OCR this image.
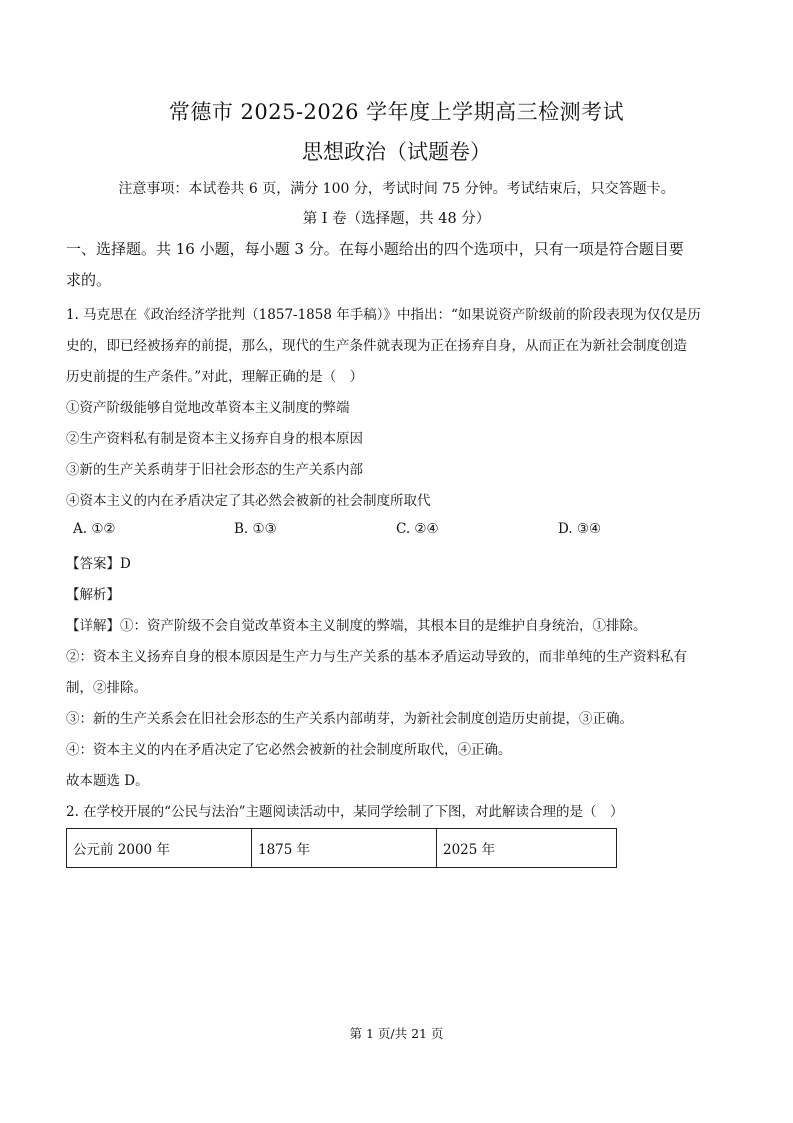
常德市 2025-2026 学年度上学期高三检测考试
思想政治（试题卷）
注意事项：本试卷共 6 页，满分 100 分，考试时间 75 分钟。考试结束后，只交答题卡。
第 I 卷（选择题，共 48 分）
一、选择题。共 16 小题，每小题 3 分。在每小题给出的四个选项中，只有一项是符合题目要
求的。
1. 马克思在《政治经济学批判（1857-1858 年手稿）》中指出：“如果说资产阶级前的阶段表现为仅仅是历
史的，即已经被扬弃的前提，那么，现代的生产条件就表现为正在扬弃自身，从而正在为新社会制度创造
历史前提的生产条件。”对此，理解正确的是（　）
①资产阶级能够自觉地改革资本主义制度的弊端
②生产资料私有制是资本主义扬弃自身的根本原因
③新的生产关系萌芽于旧社会形态的生产关系内部
④资本主义的内在矛盾决定了其必然会被新的社会制度所取代
A. ①②	B. ①③	C. ②④	D. ③④
【答案】D
【解析】
【详解】①：资产阶级不会自觉改革资本主义制度的弊端，其根本目的是维护自身统治，①排除。
②：资本主义扬弃自身的根本原因是生产力与生产关系的基本矛盾运动导致的，而非单纯的生产资料私有
制，②排除。
③：新的生产关系会在旧社会形态的生产关系内部萌芽，为新社会制度创造历史前提，③正确。
④：资本主义的内在矛盾决定了它必然会被新的社会制度所取代，④正确。
故本题选 D。
2. 在学校开展的“公民与法治”主题阅读活动中，某同学绘制了下图，对此解读合理的是（　）
公元前 2000 年	1875 年	2025 年
第 1 页/共 21 页
